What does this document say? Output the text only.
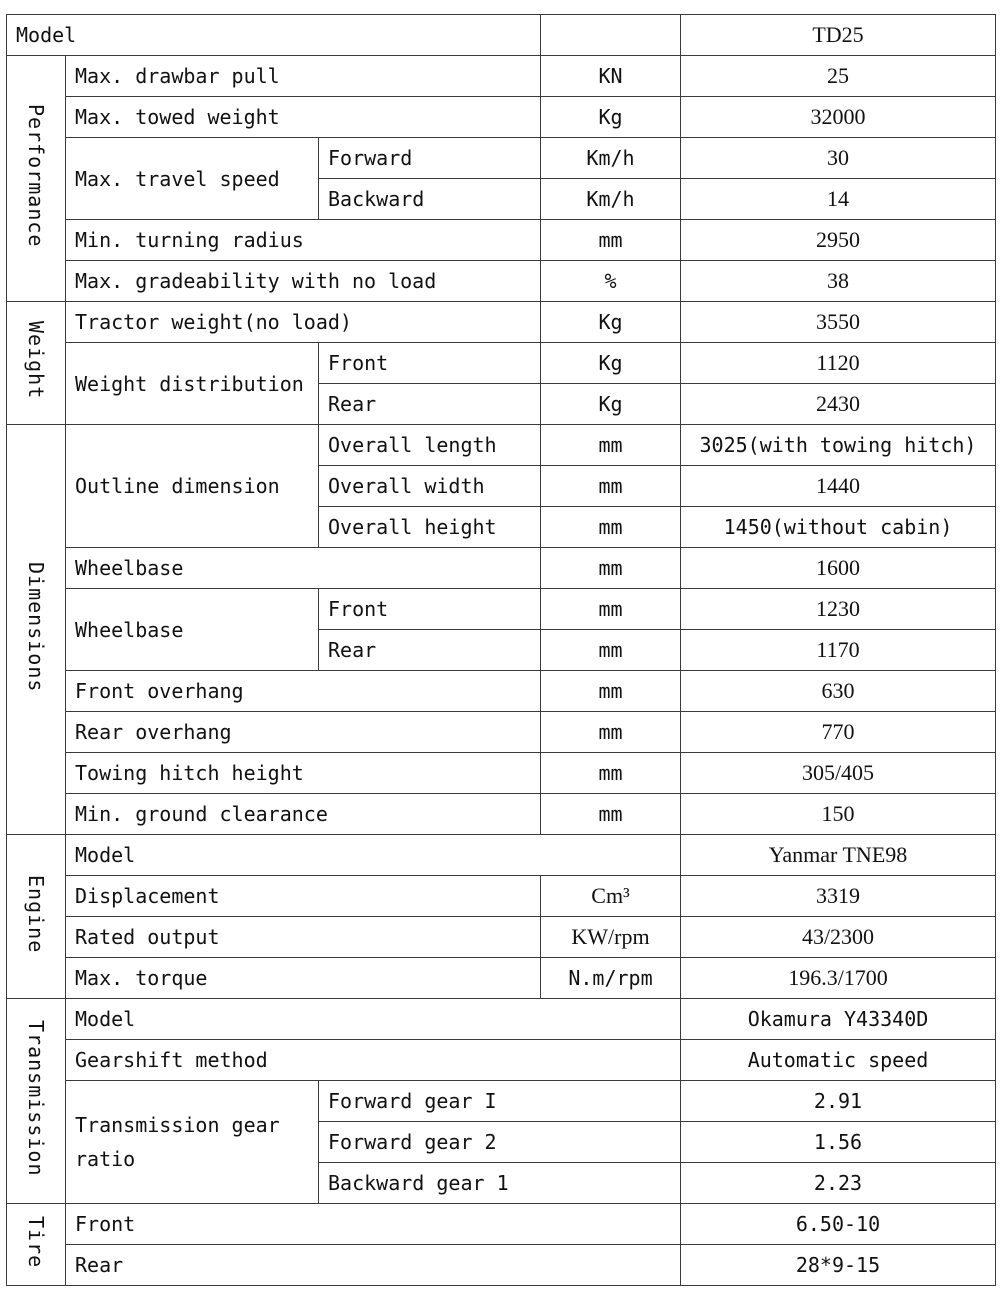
Model				TD25
Performance	Max. drawbar pull		KN	25
	Max. towed weight		Kg	32000
	Max. travel speed	Forward	Km/h	30
		Backward	Km/h	14
	Min. turning radius		mm	2950
	Max. gradeability with no load		%	38
Weight	Tractor weight(no load)		Kg	3550
	Weight distribution	Front	Kg	1120
		Rear	Kg	2430
Dimensions	Outline dimension	Overall length	mm	3025(with towing hitch)
		Overall width	mm	1440
		Overall height	mm	1450(without cabin)
	Wheelbase		mm	1600
	Wheelbase	Front	mm	1230
		Rear	mm	1170
	Front overhang		mm	630
	Rear overhang		mm	770
	Towing hitch height		mm	305/405
	Min. ground clearance		mm	150
Engine	Model			Yanmar TNE98
	Displacement		Cm³	3319
	Rated output		KW/rpm	43/2300
	Max. torque		N.m/rpm	196.3/1700
Transmission	Model			Okamura Y43340D
	Gearshift method			Automatic speed
	Transmission gear ratio	Forward gear I		2.91
		Forward gear 2		1.56
		Backward gear 1		2.23
Tire	Front			6.50-10
	Rear			28*9-15
